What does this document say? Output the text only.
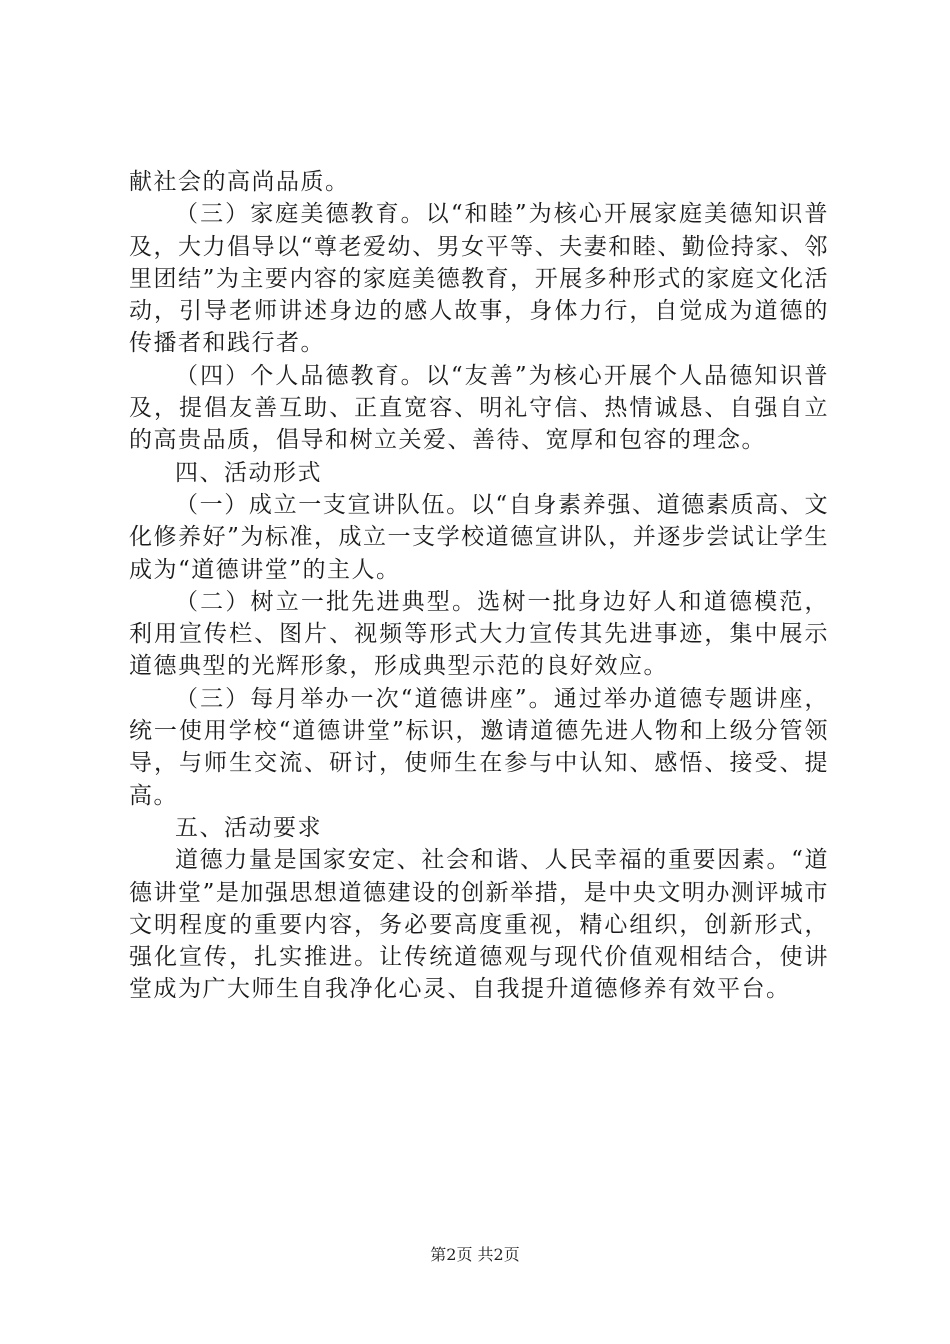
献社会的高尚品质。

（三）家庭美德教育。以“和睦”为核心开展家庭美德知识普及，大力倡导以“尊老爱幼、男女平等、夫妻和睦、勤俭持家、邻里团结”为主要内容的家庭美德教育，开展多种形式的家庭文化活动，引导老师讲述身边的感人故事，身体力行，自觉成为道德的传播者和践行者。

（四）个人品德教育。以“友善”为核心开展个人品德知识普及，提倡友善互助、正直宽容、明礼守信、热情诚恳、自强自立的高贵品质，倡导和树立关爱、善待、宽厚和包容的理念。

四、活动形式

（一）成立一支宣讲队伍。以“自身素养强、道德素质高、文化修养好”为标准，成立一支学校道德宣讲队，并逐步尝试让学生成为“道德讲堂”的主人。

（二）树立一批先进典型。选树一批身边好人和道德模范，利用宣传栏、图片、视频等形式大力宣传其先进事迹，集中展示道德典型的光辉形象，形成典型示范的良好效应。

（三）每月举办一次“道德讲座”。通过举办道德专题讲座，统一使用学校“道德讲堂”标识，邀请道德先进人物和上级分管领导，与师生交流、研讨，使师生在参与中认知、感悟、接受、提高。

五、活动要求

道德力量是国家安定、社会和谐、人民幸福的重要因素。“道德讲堂”是加强思想道德建设的创新举措，是中央文明办测评城市文明程度的重要内容，务必要高度重视，精心组织，创新形式，强化宣传，扎实推进。让传统道德观与现代价值观相结合，使讲堂成为广大师生自我净化心灵、自我提升道德修养有效平台。

第2页 共2页
